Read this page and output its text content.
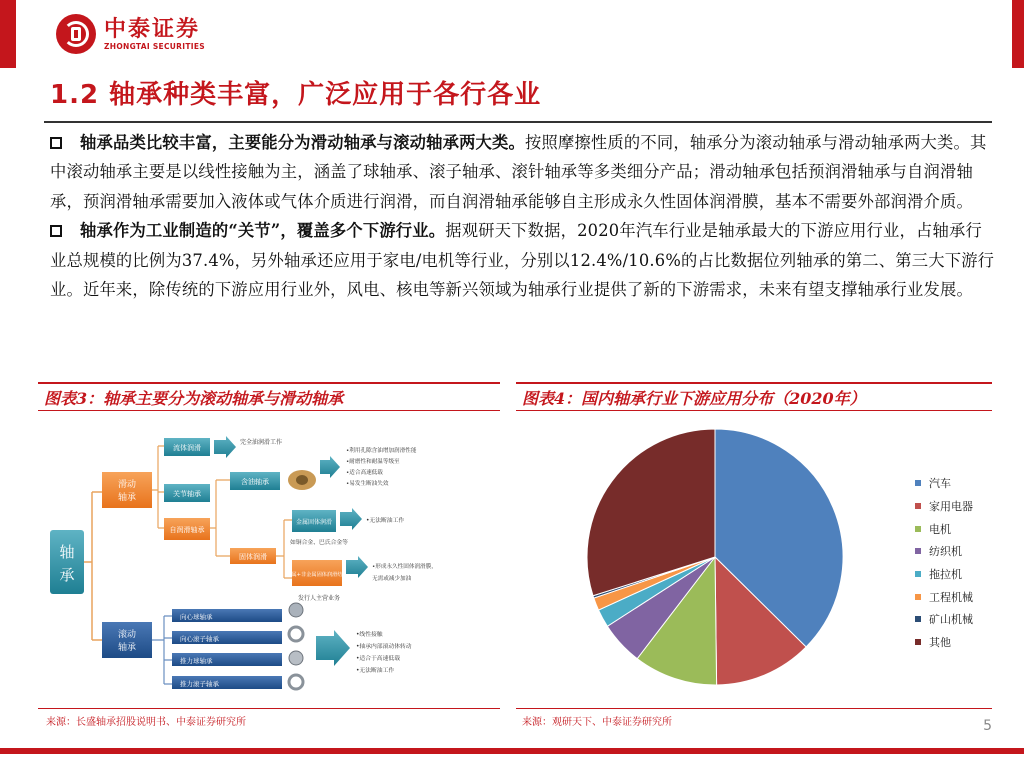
中泰证券
ZHONGTAI SECURITIES
1.2 轴承种类丰富，广泛应用于各行各业

轴承品类比较丰富，主要能分为滑动轴承与滚动轴承两大类。按照摩擦性质的不同，轴承分为滚动轴承与滑动轴承两大类。其中滚动轴承主要是以线性接触为主，涵盖了球轴承、滚子轴承、滚针轴承等多类细分产品；滑动轴承包括预润滑轴承与自润滑轴承，预润滑轴承需要加入液体或气体介质进行润滑，而自润滑轴承能够自主形成永久性固体润滑膜，基本不需要外部润滑介质。

轴承作为工业制造的“关节”，覆盖多个下游行业。据观研天下数据，2020年汽车行业是轴承最大的下游应用行业，占轴承行业总规模的比例为37.4%，另外轴承还应用于家电/电机等行业，分别以12.4%/10.6%的占比数据位列轴承的第二、第三大下游行业。近年来，除传统的下游应用行业外，风电、核电等新兴领域为轴承行业提供了新的下游需求，未来有望支撑轴承行业发展。

图表3：轴承主要分为滚动轴承与滑动轴承
轴
承
滑动
轴承
流体润滑
完全油润滑工作
关节轴承
自润滑轴承
含油轴承
•利用孔隙含油增加润滑性能
•耐磨性和耐温等级至
•适合高速低载
•易发生断油失效
固体润滑
金属固体润滑	•无法断油工作
如铜合金、巴氏合金等
金属+非金属固体润滑结合
•形成永久性固体润滑膜，
无需或减少加油
发行人主营业务
滚动
轴承
向心球轴承
向心滚子轴承
推力球轴承
推力滚子轴承
•线性接触
•轴承内部滚动体转动
•适合于高速低载
•无法断油工作
来源：长盛轴承招股说明书、中泰证券研究所
图表4：国内轴承行业下游应用分布（2020年）
汽车
家用电器
电机
纺织机
拖拉机
工程机械
矿山机械
其他
来源：观研天下、中泰证券研究所	5
